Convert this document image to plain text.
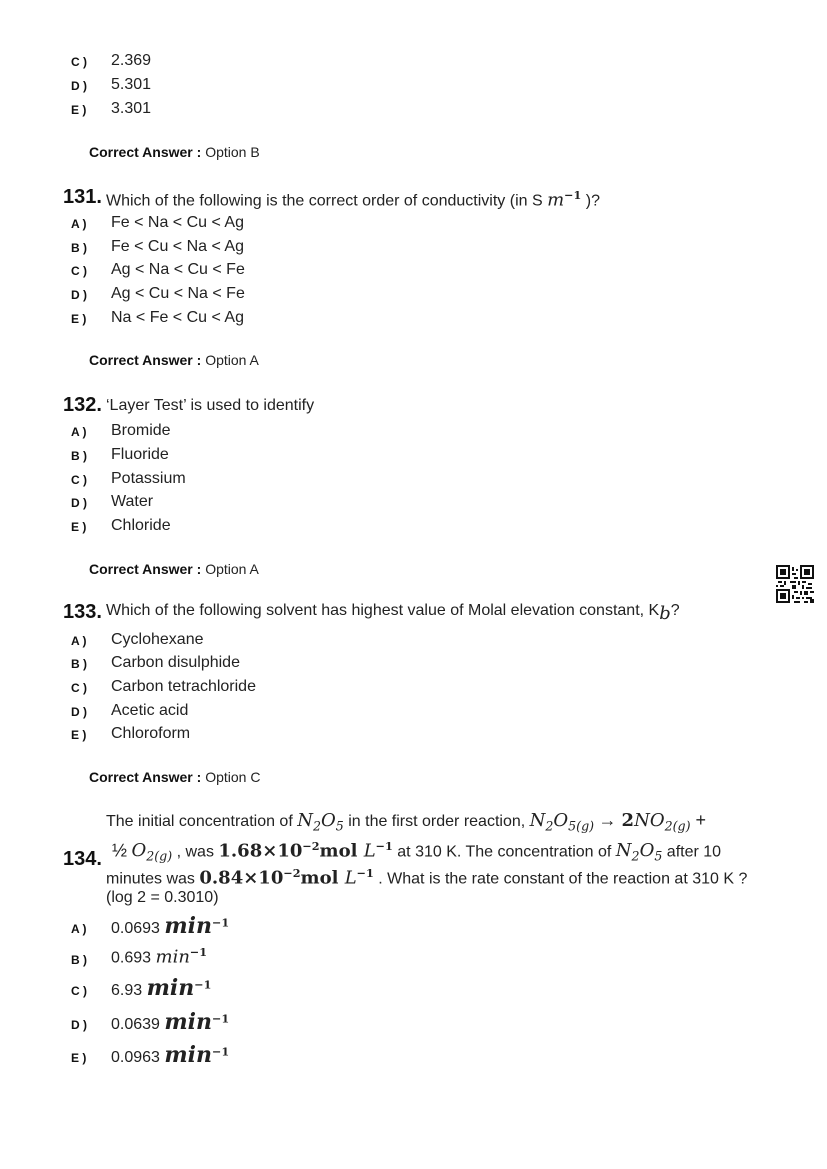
C ) 2.369
D ) 5.301
E ) 3.301
Correct Answer : Option B
131. Which of the following is the correct order of conductivity (in S $m^{-1}$ )?
A ) Fe < Na < Cu < Ag
B ) Fe < Cu < Na < Ag
C ) Ag < Na < Cu < Fe
D ) Ag < Cu < Na < Fe
E ) Na < Fe < Cu < Ag
Correct Answer : Option A
132. ‘Layer Test’ is used to identify
A ) Bromide
B ) Fluoride
C ) Potassium
D ) Water
E ) Chloride
Correct Answer : Option A
133. Which of the following solvent has highest value of Molal elevation constant, $K_b$?
A ) Cyclohexane
B ) Carbon disulphide
C ) Carbon tetrachloride
D ) Acetic acid
E ) Chloroform
Correct Answer : Option C
134.
The initial concentration of $N_2O_5$ in the first order reaction, $N_2O_{5(g)} \to 2NO_{2(g)}$ +
½ $O_{2(g)}$ , was $1.68\times 10^{-2}mol$ $L^{-1}$ at 310 K. The concentration of $N_2O_5$ after 10
minutes was $0.84\times 10^{-2}mol$ $L^{-1}$ . What is the rate constant of the reaction at 310 K ?
(log 2 = 0.3010)
A ) 0.0693 $\min^{-1}$
B ) 0.693 $\min^{-1}$
C ) 6.93 $\min^{-1}$
D ) 0.0639 $\min^{-1}$
E ) 0.0963 $\min^{-1}$
